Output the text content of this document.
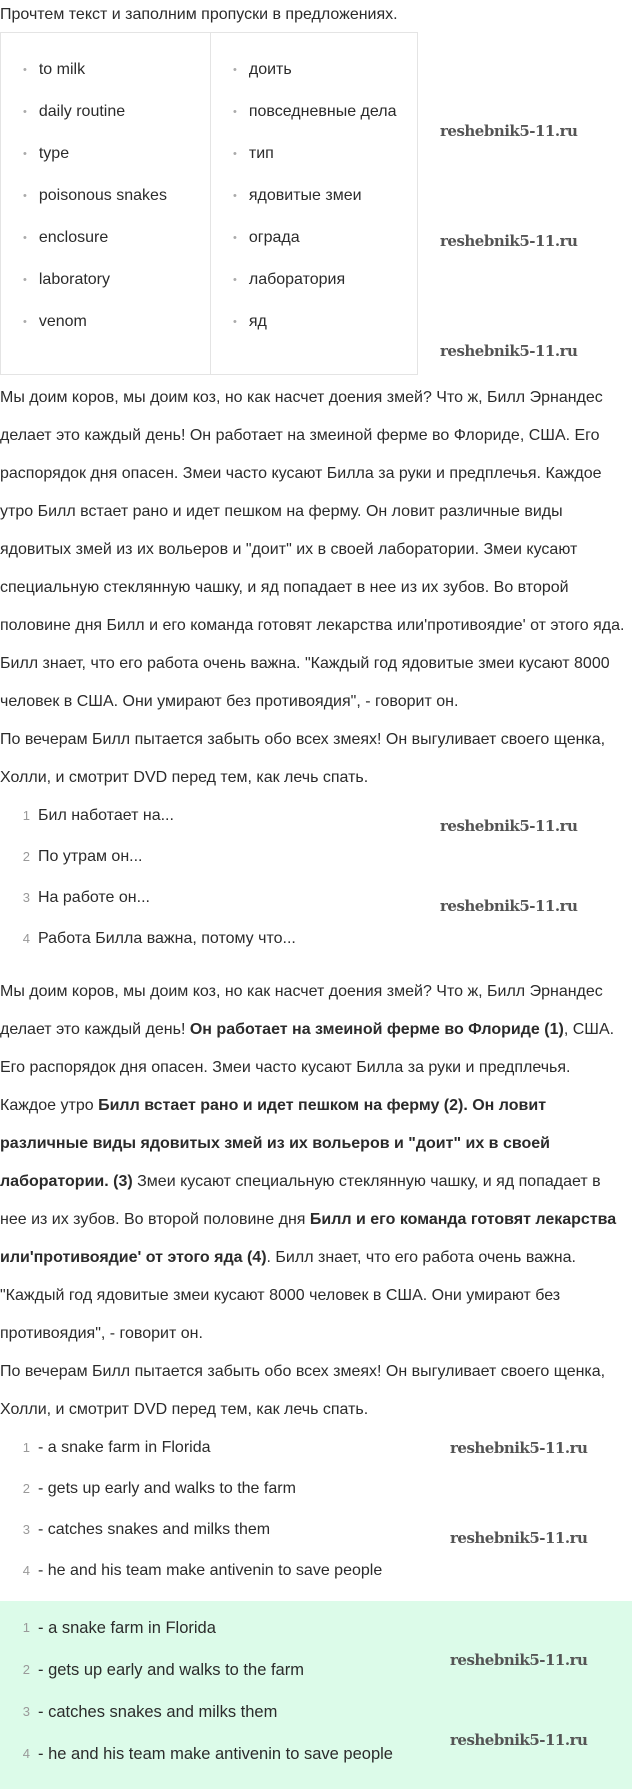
Прочтем текст и заполним пропуски в предложениях.
• to milk
• daily routine
• type
• poisonous snakes
• enclosure
• laboratory
• venom
• доить
• повседневные дела
• тип
• ядовитые змеи
• ограда
• лаборатория
• яд
reshebnik5-11.ru
reshebnik5-11.ru
reshebnik5-11.ru

Мы доим коров, мы доим коз, но как насчет доения змей? Что ж, Билл Эрнандес делает это каждый день! Он работает на змеиной ферме во Флориде, США. Его распорядок дня опасен. Змеи часто кусают Билла за руки и предплечья. Каждое утро Билл встает рано и идет пешком на ферму. Он ловит различные виды ядовитых змей из их вольеров и "доит" их в своей лаборатории. Змеи кусают специальную стеклянную чашку, и яд попадает в нее из их зубов. Во второй половине дня Билл и его команда готовят лекарства или'противоядие' от этого яда. Билл знает, что его работа очень важна. "Каждый год ядовитые змеи кусают 8000 человек в США. Они умирают без противоядия", - говорит он.

По вечерам Билл пытается забыть обо всех змеях! Он выгуливает своего щенка, Холли, и смотрит DVD перед тем, как лечь спать.

1 Бил наботает на...
2 По утрам он...
3 На работе он...
4 Работа Билла важна, потому что...
reshebnik5-11.ru
reshebnik5-11.ru

Мы доим коров, мы доим коз, но как насчет доения змей? Что ж, Билл Эрнандес делает это каждый день! Он работает на змеиной ферме во Флориде (1), США. Его распорядок дня опасен. Змеи часто кусают Билла за руки и предплечья. Каждое утро Билл встает рано и идет пешком на ферму (2). Он ловит различные виды ядовитых змей из их вольеров и "доит" их в своей лаборатории. (3) Змеи кусают специальную стеклянную чашку, и яд попадает в нее из их зубов. Во второй половине дня Билл и его команда готовят лекарства или'противоядие' от этого яда (4). Билл знает, что его работа очень важна. "Каждый год ядовитые змеи кусают 8000 человек в США. Они умирают без противоядия", - говорит он.

По вечерам Билл пытается забыть обо всех змеях! Он выгуливает своего щенка, Холли, и смотрит DVD перед тем, как лечь спать.

1 - a snake farm in Florida
2 - gets up early and walks to the farm
3 - catches snakes and milks them
4 - he and his team make antivenin to save people
reshebnik5-11.ru
reshebnik5-11.ru
1 - a snake farm in Florida
2 - gets up early and walks to the farm
3 - catches snakes and milks them
4 - he and his team make antivenin to save people
reshebnik5-11.ru
reshebnik5-11.ru
